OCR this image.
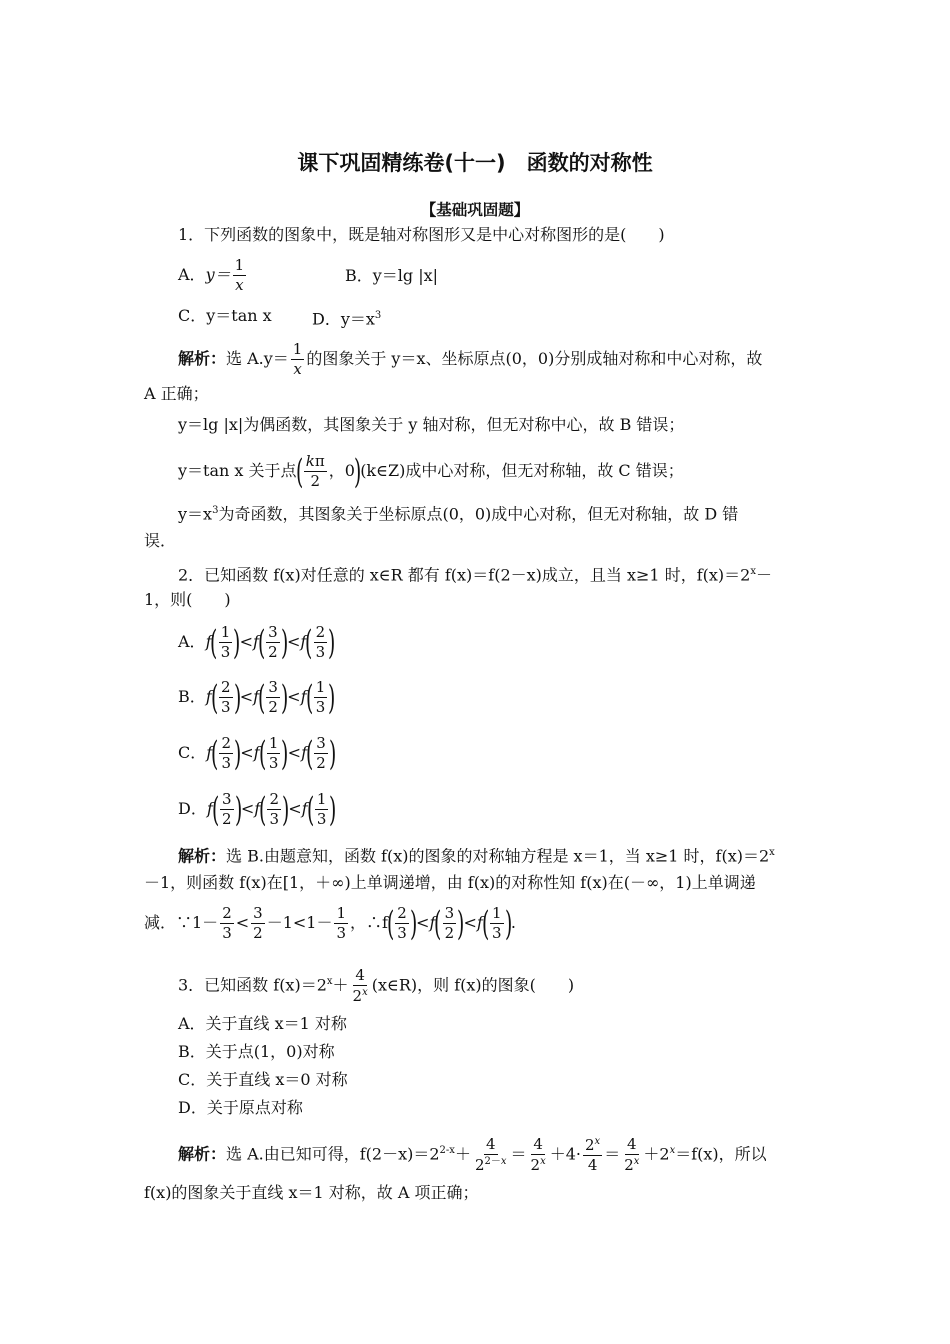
课下巩固精练卷(十一)　函数的对称性
【基础巩固题】
1．下列函数的图象中，既是轴对称图形又是中心对称图形的是(　　)
A．$y= \frac{1}{x}$	B．y＝lg |x|
C．y＝tan x	D．$y=x^3$
解析：选 $A.y= \frac{1}{x}$ 的图象关于 y＝x、坐标原点(0，0)分别成轴对称和中心对称，故
A 正确；
y＝lg |x|为偶函数，其图象关于 y 轴对称，但无对称中心，故 B 错误；
y＝tan x 关于点( $\frac{k\pi}{2}$ ，0)(k∈Z)成中心对称，但无对称轴，故 C 错误；
$y=x^3$为奇函数，其图象关于坐标原点(0，0)成中心对称，但无对称轴，故 D 错
误．
2．已知函数 f(x)对任意的 x∈R 都有 f(x)＝f(2－x)成立，且当 x≥1 时，$f(x)=2^x-$
1，则(　　)
A．$f( \frac{1}{3} )<f( \frac{3}{2} )<f( \frac{2}{3}$ )
B．$f( \frac{2}{3} )<f( \frac{3}{2} )<f( \frac{1}{3}$ )
C．$f( \frac{2}{3} )<f( \frac{1}{3} )<f( \frac{3}{2}$ )
D．$f( \frac{3}{2} )<f( \frac{2}{3} )<f( \frac{1}{3}$ )
解析：选 B.由题意知，函数 f(x)的图象的对称轴方程是 x＝1，当 x≥1 时，$f(x)=2^x$
－1，则函数 f(x)在[1，＋∞)上单调递增，由 f(x)的对称性知 f(x)在(－∞，1)上单调递
减．∵1－ $\frac{2}{3} < \frac{3}{2} -1<1- \frac{1}{3}$ ，∴f( $\frac{2}{3} )<f( \frac{3}{2} )<f( \frac{1}{3}$ ).
3．已知函数 $f(x)=2^x+ \frac{4}{2^x}$ (x∈R)，则 f(x)的图象(　　)
A．关于直线 x＝1 对称
B．关于点(1，0)对称
C．关于直线 x＝0 对称
D．关于原点对称
解析：选 A.由已知可得，$f(2-x)=2^{2-x}+ \frac{4}{2^{2-x}} = \frac{4}{2^x} +4\cdot \frac{2^x}{4} = \frac{4}{2^x} +2^x=f(x)$，所以
f(x)的图象关于直线 x＝1 对称，故 A 项正确；
